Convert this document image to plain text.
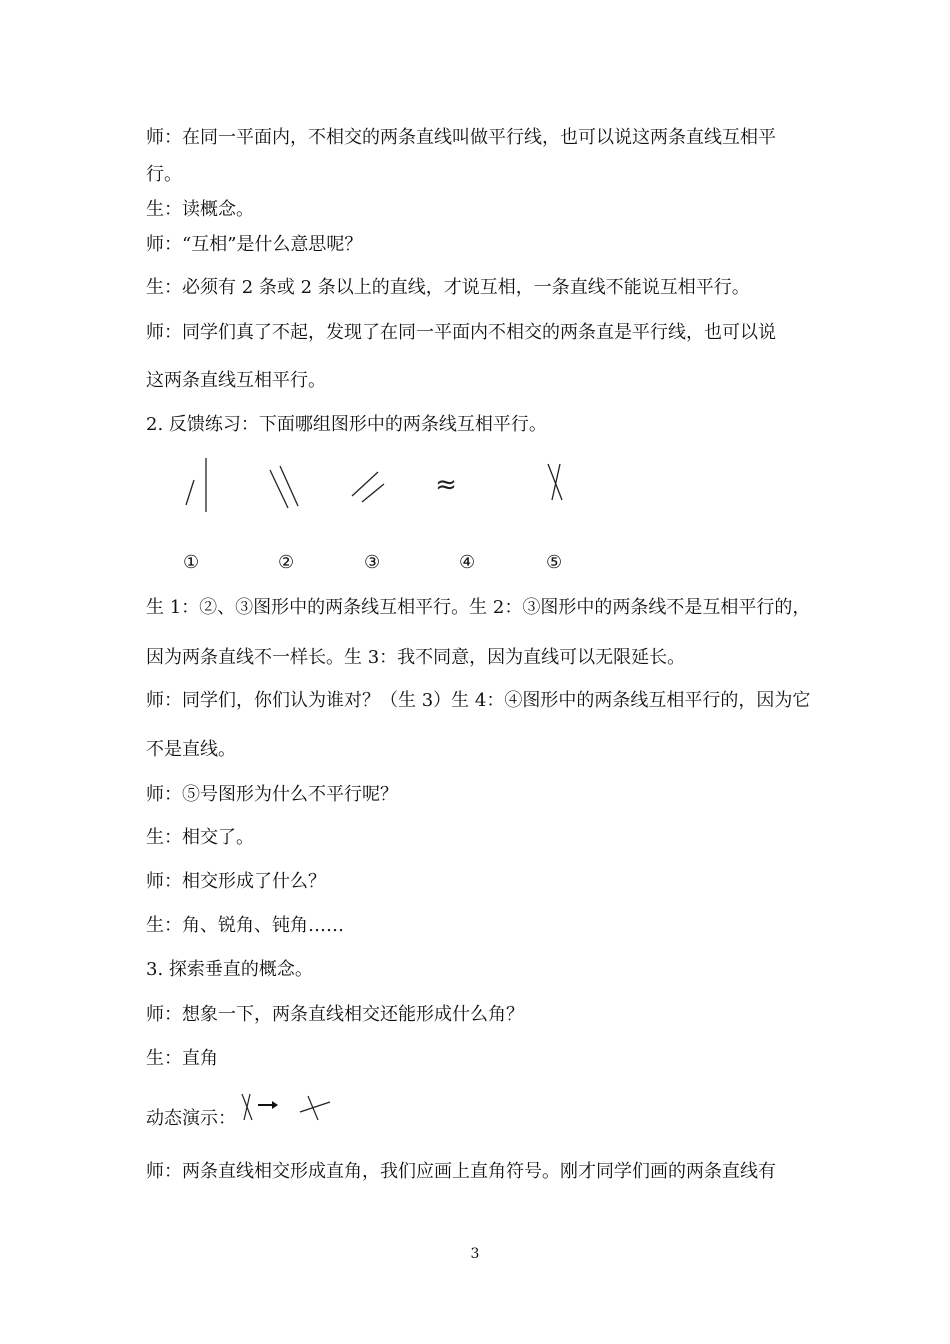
师：在同一平面内，不相交的两条直线叫做平行线，也可以说这两条直线互相平
行。
生：读概念。
师：“互相”是什么意思呢？
生：必须有 2 条或 2 条以上的直线，才说互相，一条直线不能说互相平行。
师：同学们真了不起，发现了在同一平面内不相交的两条直是平行线，也可以说
这两条直线互相平行。
2. 反馈练习：下面哪组图形中的两条线互相平行。
≈
①	②	③	④	⑤
生 1：②、③图形中的两条线互相平行。生 2：③图形中的两条线不是互相平行的，
因为两条直线不一样长。生 3：我不同意，因为直线可以无限延长。
师：同学们，你们认为谁对？（生 3）生 4：④图形中的两条线互相平行的，因为它
不是直线。
师：⑤号图形为什么不平行呢？
生：相交了。
师：相交形成了什么？
生：角、锐角、钝角……
3. 探索垂直的概念。
师：想象一下，两条直线相交还能形成什么角？
生：直角
动态演示：
师：两条直线相交形成直角，我们应画上直角符号。刚才同学们画的两条直线有
3
